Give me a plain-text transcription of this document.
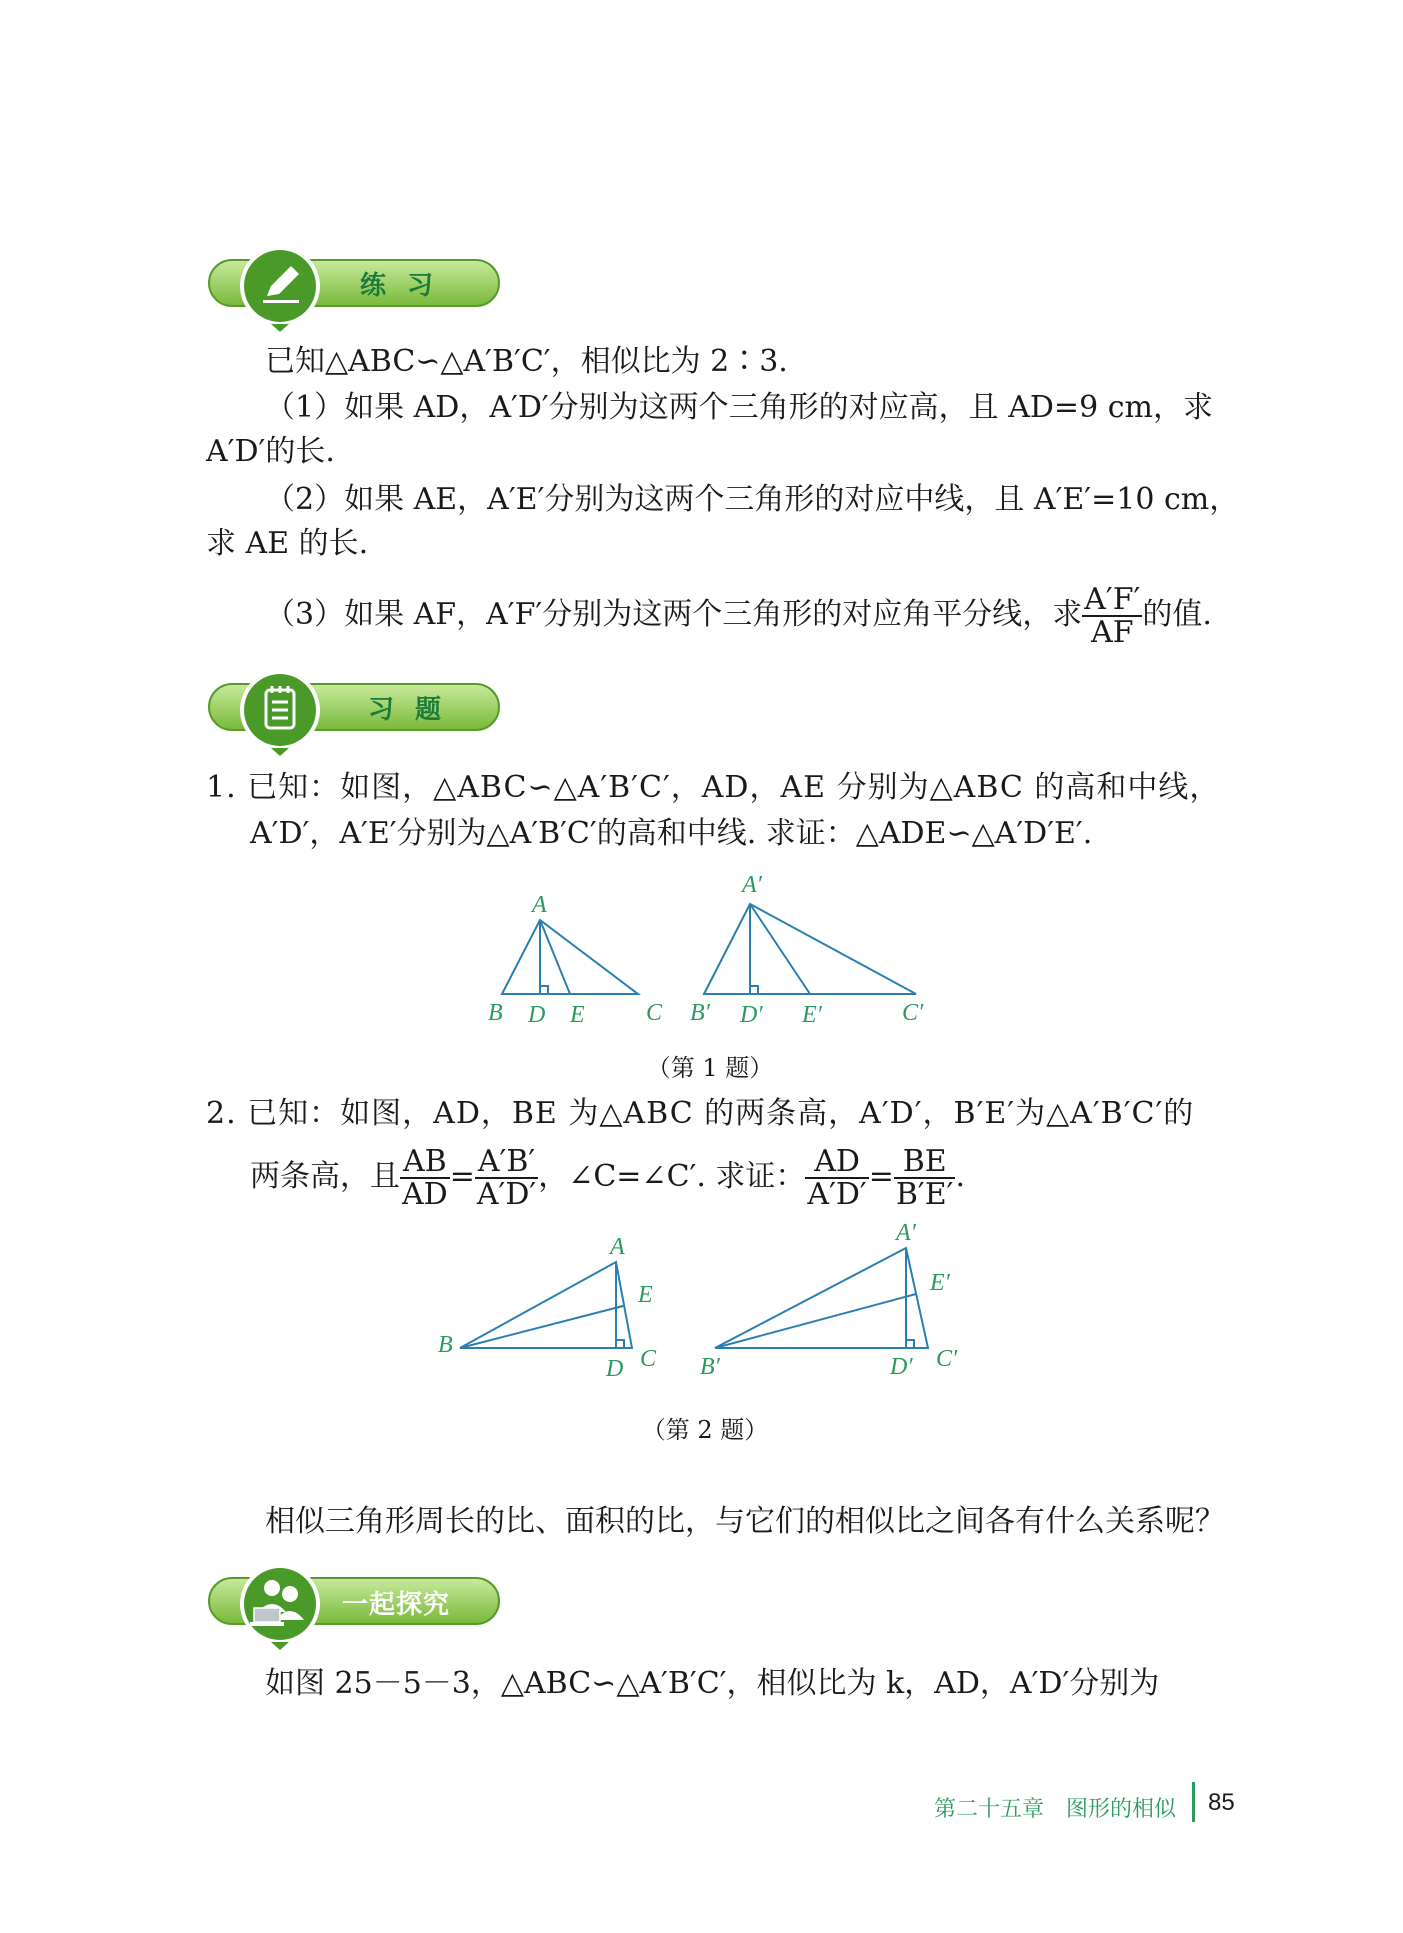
练 习
已知△ABC∽△A′B′C′，相似比为 2∶3.
（1）如果 AD，A′D′分别为这两个三角形的对应高，且 AD=9 cm，求
A′D′的长.
（2）如果 AE，A′E′分别为这两个三角形的对应中线，且 A′E′=10 cm，
求 AE 的长.
（3）如果 AF，A′F′分别为这两个三角形的对应角平分线，求 $\frac{A'F'}{AF}$ 的值.
习 题
1. 已知：如图，△ABC∽△A′B′C′，AD，AE 分别为△ABC 的高和中线，
A′D′，A′E′分别为△A′B′C′的高和中线. 求证：△ADE∽△A′D′E′.
A
B D E	C
A′
B′ D′ E′	C′
（第 1 题）
2. 已知：如图，AD，BE 为△ABC 的两条高，A′D′，B′E′为△A′B′C′的
两条高，且 $\frac{AB}{AD} = \frac{A'B'}{A'D'}$ ，∠C=∠C′. 求证： $\frac{AD}{A'D'} = \frac{BE}{B'E'}$ .
A
E
B
D C
A′
E′
B′	D′ C′
（第 2 题）
相似三角形周长的比、面积的比，与它们的相似比之间各有什么关系呢？
一起探究
如图 25－5－3，△ABC∽△A′B′C′，相似比为 k，AD，A′D′分别为
第二十五章　图形的相似 85
